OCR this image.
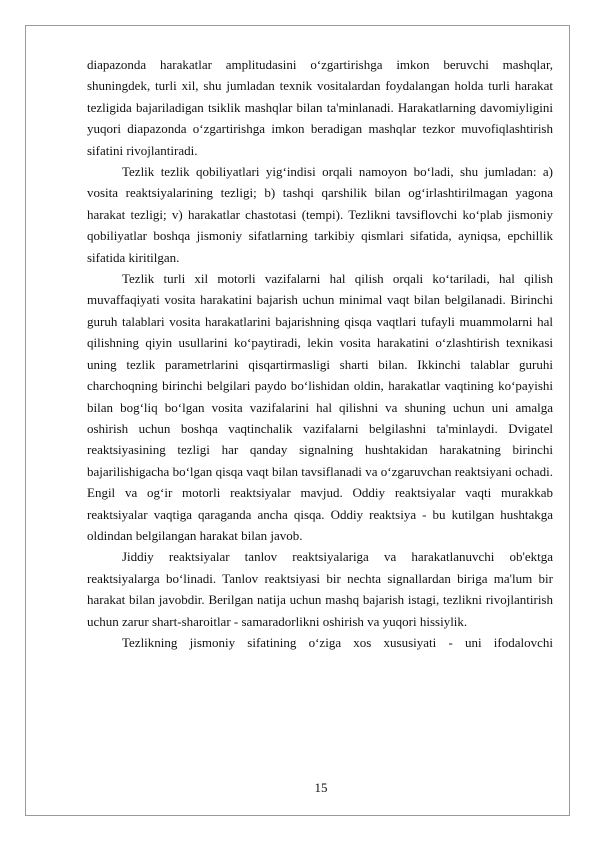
diapazonda harakatlar amplitudasini o‘zgartirishga imkon beruvchi mashqlar, shuningdek, turli xil, shu jumladan texnik vositalardan foydalangan holda turli harakat tezligida bajariladigan tsiklik mashqlar bilan ta'minlanadi. Harakatlarning davomiyligini yuqori diapazonda o‘zgartirishga imkon beradigan mashqlar tezkor muvofiqlashtirish sifatini rivojlantiradi.

Tezlik tezlik qobiliyatlari yig‘indisi orqali namoyon bo‘ladi, shu jumladan: a) vosita reaktsiyalarining tezligi; b) tashqi qarshilik bilan og‘irlashtirilmagan yagona harakat tezligi; v) harakatlar chastotasi (tempi). Tezlikni tavsiflovchi ko‘plab jismoniy qobiliyatlar boshqa jismoniy sifatlarning tarkibiy qismlari sifatida, ayniqsa, epchillik sifatida kiritilgan.

Tezlik turli xil motorli vazifalarni hal qilish orqali ko‘tariladi, hal qilish muvaffaqiyati vosita harakatini bajarish uchun minimal vaqt bilan belgilanadi. Birinchi guruh talablari vosita harakatlarini bajarishning qisqa vaqtlari tufayli muammolarni hal qilishning qiyin usullarini ko‘paytiradi, lekin vosita harakatini o‘zlashtirish texnikasi uning tezlik parametrlarini qisqartirmasligi sharti bilan. Ikkinchi talablar guruhi charchoqning birinchi belgilari paydo bo‘lishidan oldin, harakatlar vaqtining ko‘payishi bilan bog‘liq bo‘lgan vosita vazifalarini hal qilishni va shuning uchun uni amalga oshirish uchun boshqa vaqtinchalik vazifalarni belgilashni ta'minlaydi. Dvigatel reaktsiyasining tezligi har qanday signalning hushtakidan harakatning birinchi bajarilishigacha bo‘lgan qisqa vaqt bilan tavsiflanadi va o‘zgaruvchan reaktsiyani ochadi. Engil va og‘ir motorli reaktsiyalar mavjud. Oddiy reaktsiyalar vaqti murakkab reaktsiyalar vaqtiga qaraganda ancha qisqa. Oddiy reaktsiya - bu kutilgan hushtakga oldindan belgilangan harakat bilan javob.

Jiddiy reaktsiyalar tanlov reaktsiyalariga va harakatlanuvchi ob'ektga reaktsiyalarga bo‘linadi. Tanlov reaktsiyasi bir nechta signallardan biriga ma'lum bir harakat bilan javobdir. Berilgan natija uchun mashq bajarish istagi, tezlikni rivojlantirish uchun zarur shart-sharoitlar - samaradorlikni oshirish va yuqori hissiylik.

Tezlikning jismoniy sifatining o‘ziga xos xususiyati - uni ifodalovchi

15
